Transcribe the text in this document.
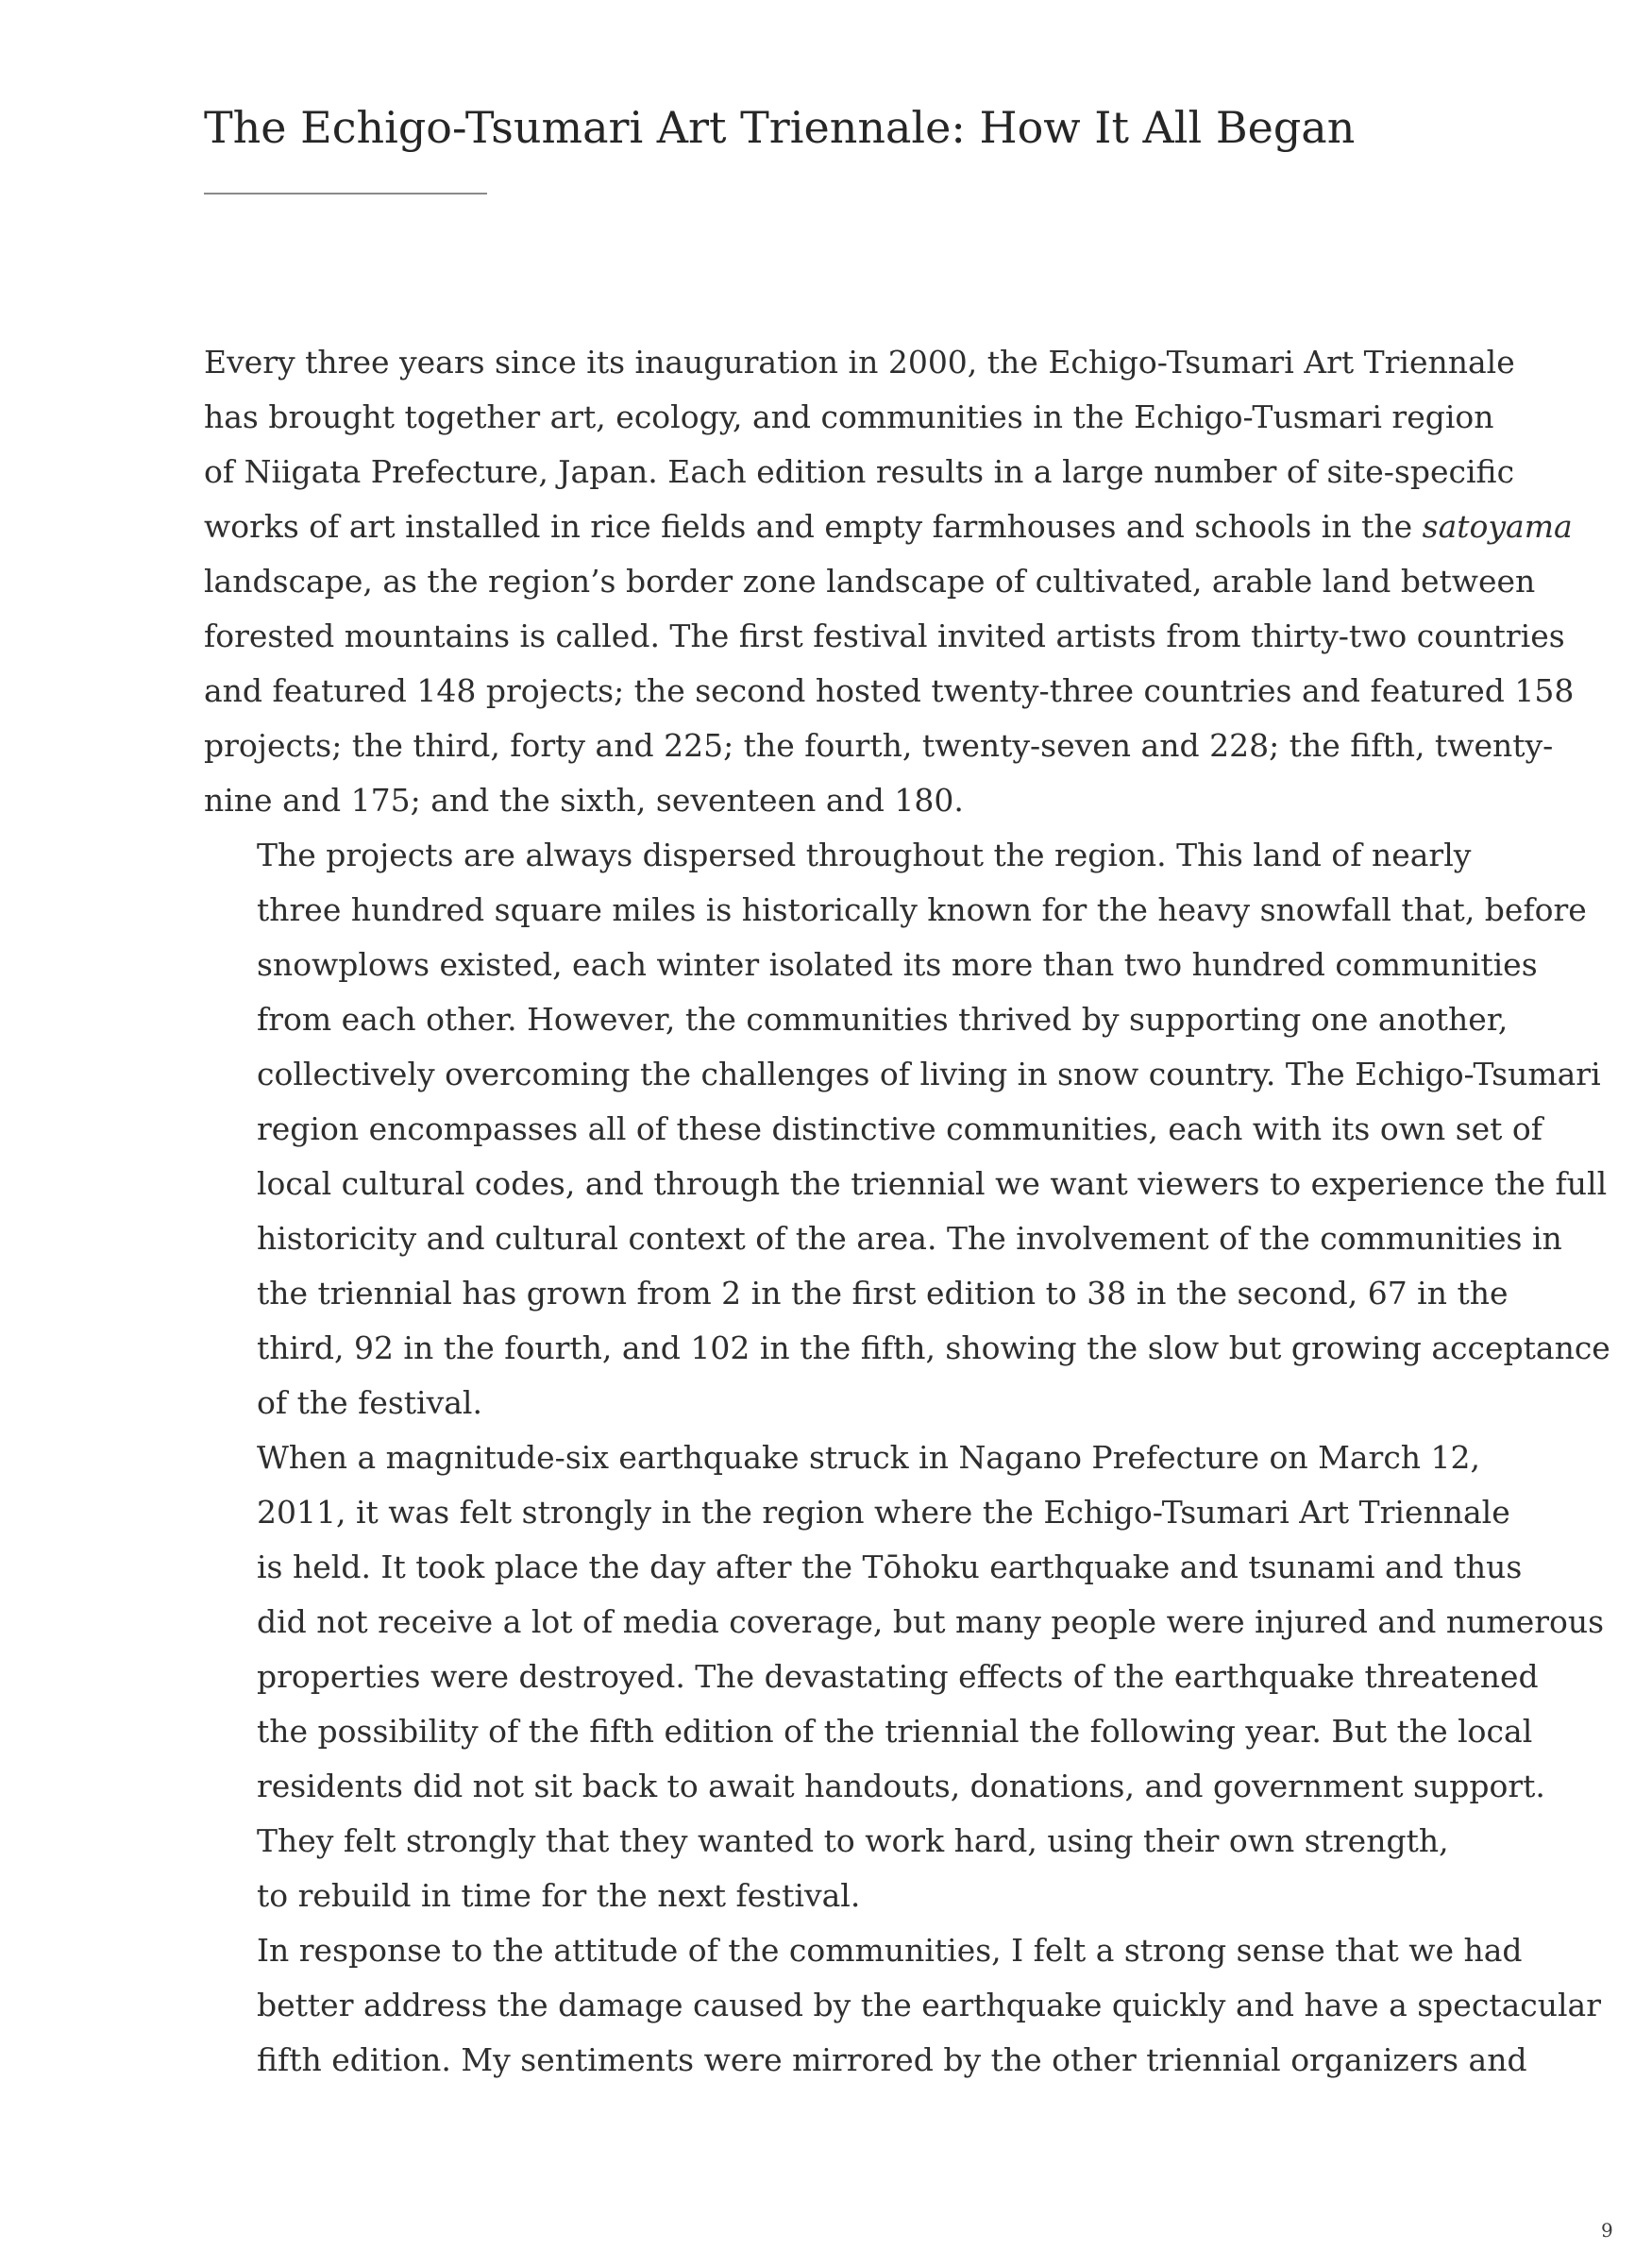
The Echigo-Tsumari Art Triennale: How It All Began

Every three years since its inauguration in 2000, the Echigo-Tsumari Art Triennale
has brought together art, ecology, and communities in the Echigo-Tusmari region
of Niigata Prefecture, Japan. Each edition results in a large number of site-specific
works of art installed in rice fields and empty farmhouses and schools in the satoyama
landscape, as the region’s border zone landscape of cultivated, arable land between
forested mountains is called. The first festival invited artists from thirty-two countries
and featured 148 projects; the second hosted twenty-three countries and featured 158
projects; the third, forty and 225; the fourth, twenty-seven and 228; the fifth, twenty-
nine and 175; and the sixth, seventeen and 180.

The projects are always dispersed throughout the region. This land of nearly
three hundred square miles is historically known for the heavy snowfall that, before
snowplows existed, each winter isolated its more than two hundred communities
from each other. However, the communities thrived by supporting one another,
collectively overcoming the challenges of living in snow country. The Echigo-Tsumari
region encompasses all of these distinctive communities, each with its own set of
local cultural codes, and through the triennial we want viewers to experience the full
historicity and cultural context of the area. The involvement of the communities in
the triennial has grown from 2 in the first edition to 38 in the second, 67 in the
third, 92 in the fourth, and 102 in the fifth, showing the slow but growing acceptance
of the festival.

When a magnitude-six earthquake struck in Nagano Prefecture on March 12,
2011, it was felt strongly in the region where the Echigo-Tsumari Art Triennale
is held. It took place the day after the Tōhoku earthquake and tsunami and thus
did not receive a lot of media coverage, but many people were injured and numerous
properties were destroyed. The devastating effects of the earthquake threatened
the possibility of the fifth edition of the triennial the following year. But the local
residents did not sit back to await handouts, donations, and government support.
They felt strongly that they wanted to work hard, using their own strength,
to rebuild in time for the next festival.

In response to the attitude of the communities, I felt a strong sense that we had
better address the damage caused by the earthquake quickly and have a spectacular
fifth edition. My sentiments were mirrored by the other triennial organizers and

9
